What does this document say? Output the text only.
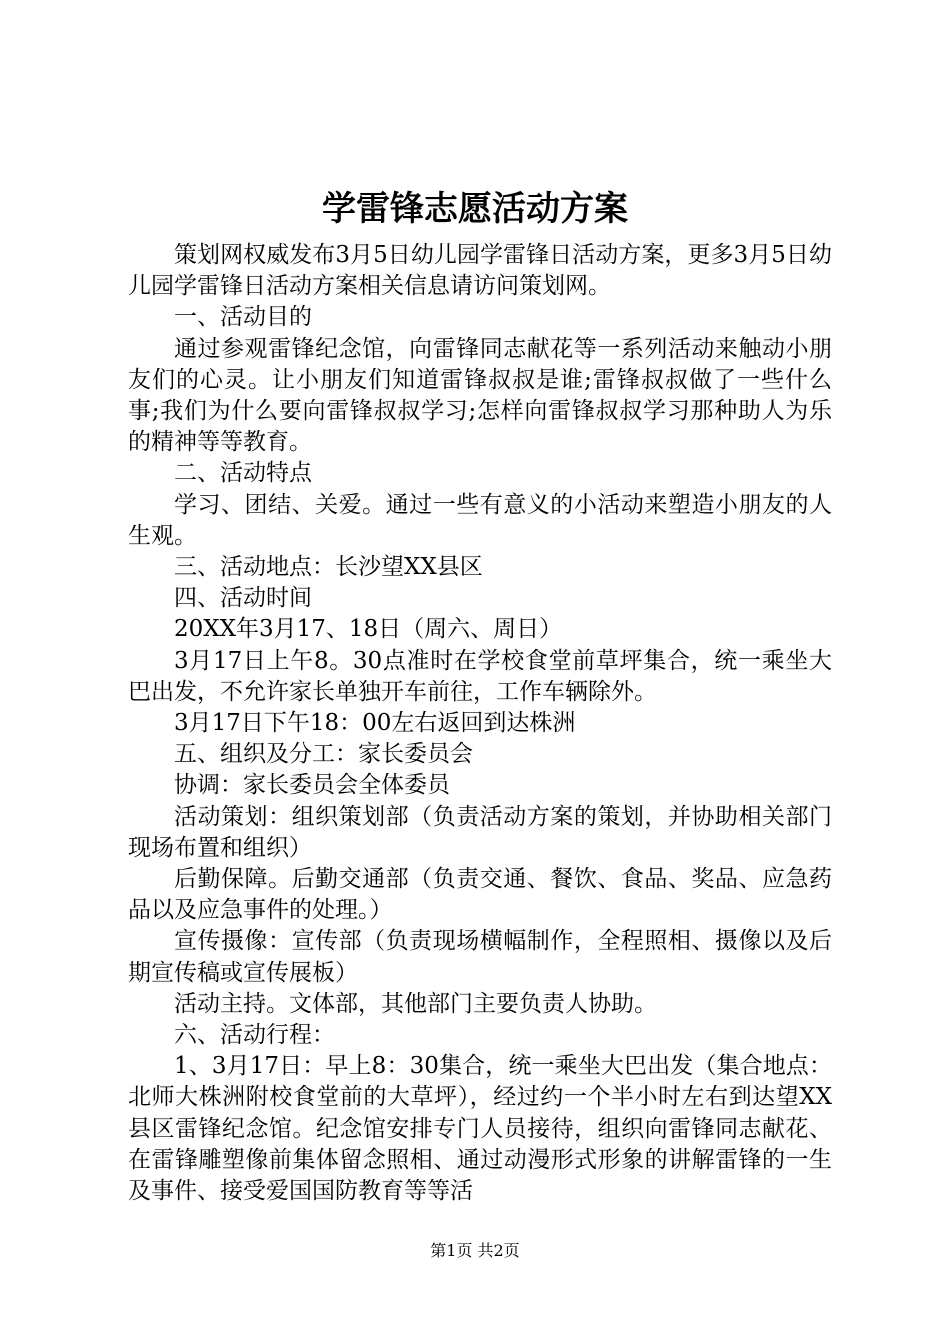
学雷锋志愿活动方案

策划网权威发布3月5日幼儿园学雷锋日活动方案，更多3月5日幼儿园学雷锋日活动方案相关信息请访问策划网。

一、活动目的

通过参观雷锋纪念馆，向雷锋同志献花等一系列活动来触动小朋友们的心灵。让小朋友们知道雷锋叔叔是谁;雷锋叔叔做了一些什么事;我们为什么要向雷锋叔叔学习;怎样向雷锋叔叔学习那种助人为乐的精神等等教育。

二、活动特点

学习、团结、关爱。通过一些有意义的小活动来塑造小朋友的人生观。

三、活动地点：长沙望XX县区

四、活动时间

20XX年3月17、18日（周六、周日）

3月17日上午8。30点准时在学校食堂前草坪集合，统一乘坐大巴出发，不允许家长单独开车前往，工作车辆除外。

3月17日下午18：00左右返回到达株洲

五、组织及分工：家长委员会

协调：家长委员会全体委员

活动策划：组织策划部（负责活动方案的策划，并协助相关部门现场布置和组织）

后勤保障。后勤交通部（负责交通、餐饮、食品、奖品、应急药品以及应急事件的处理。）

宣传摄像：宣传部（负责现场横幅制作，全程照相、摄像以及后期宣传稿或宣传展板）

活动主持。文体部，其他部门主要负责人协助。

六、活动行程：

1、3月17日：早上8：30集合，统一乘坐大巴出发（集合地点：北师大株洲附校食堂前的大草坪），经过约一个半小时左右到达望XX县区雷锋纪念馆。纪念馆安排专门人员接待，组织向雷锋同志献花、在雷锋雕塑像前集体留念照相、通过动漫形式形象的讲解雷锋的一生及事件、接受爱国国防教育等等活

第1页 共2页
